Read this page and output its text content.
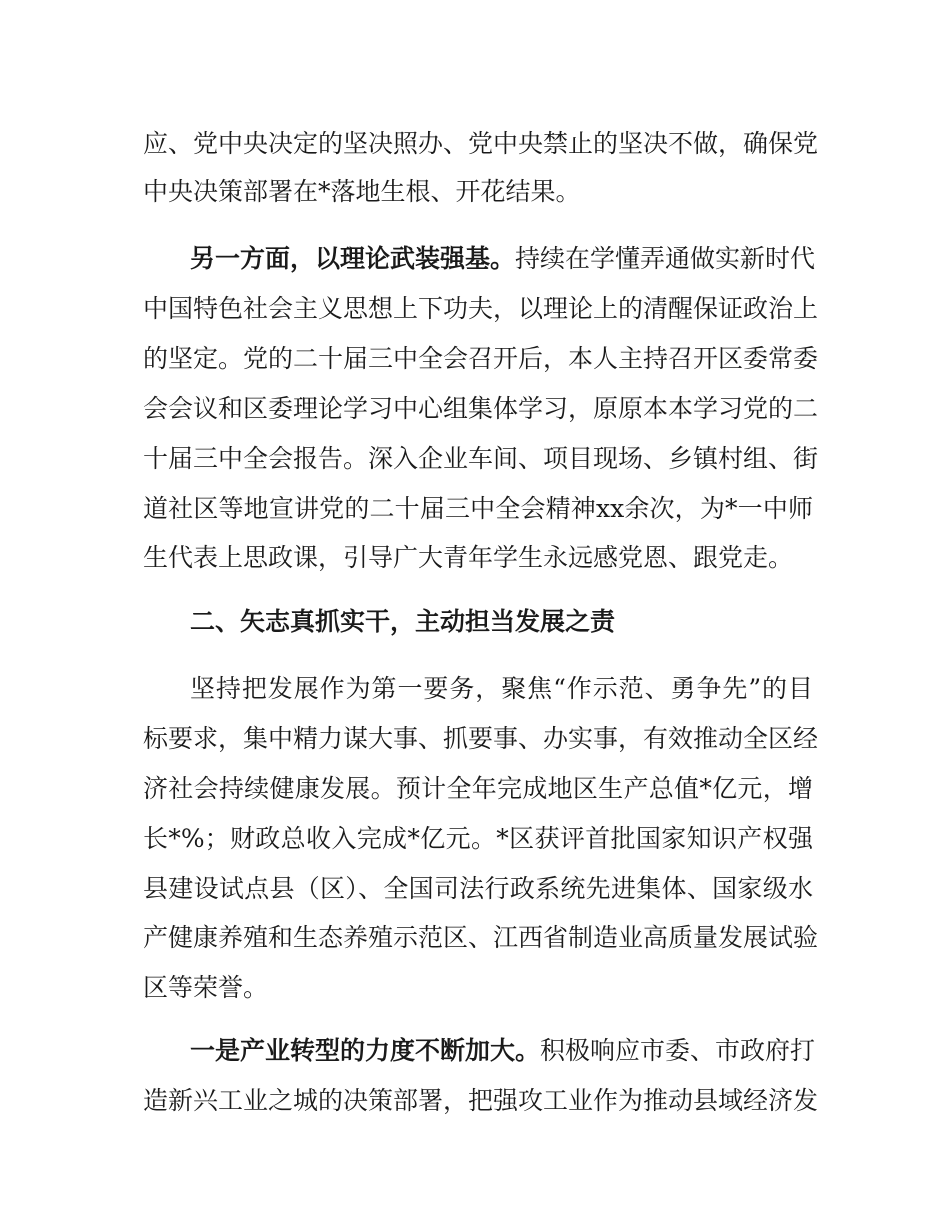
应、党中央决定的坚决照办、党中央禁止的坚决不做，确保党
中央决策部署在*落地生根、开花结果。
另一方面，以理论武装强基。持续在学懂弄通做实新时代
中国特色社会主义思想上下功夫，以理论上的清醒保证政治上
的坚定。党的二十届三中全会召开后，本人主持召开区委常委
会会议和区委理论学习中心组集体学习，原原本本学习党的二
十届三中全会报告。深入企业车间、项目现场、乡镇村组、街
道社区等地宣讲党的二十届三中全会精神xx余次，为*一中师
生代表上思政课，引导广大青年学生永远感党恩、跟党走。
二、矢志真抓实干，主动担当发展之责
坚持把发展作为第一要务，聚焦“作示范、勇争先”的目
标要求，集中精力谋大事、抓要事、办实事，有效推动全区经
济社会持续健康发展。预计全年完成地区生产总值*亿元，增
长*%；财政总收入完成*亿元。*区获评首批国家知识产权强
县建设试点县（区）、全国司法行政系统先进集体、国家级水
产健康养殖和生态养殖示范区、江西省制造业高质量发展试验
区等荣誉。
一是产业转型的力度不断加大。积极响应市委、市政府打
造新兴工业之城的决策部署，把强攻工业作为推动县域经济发
